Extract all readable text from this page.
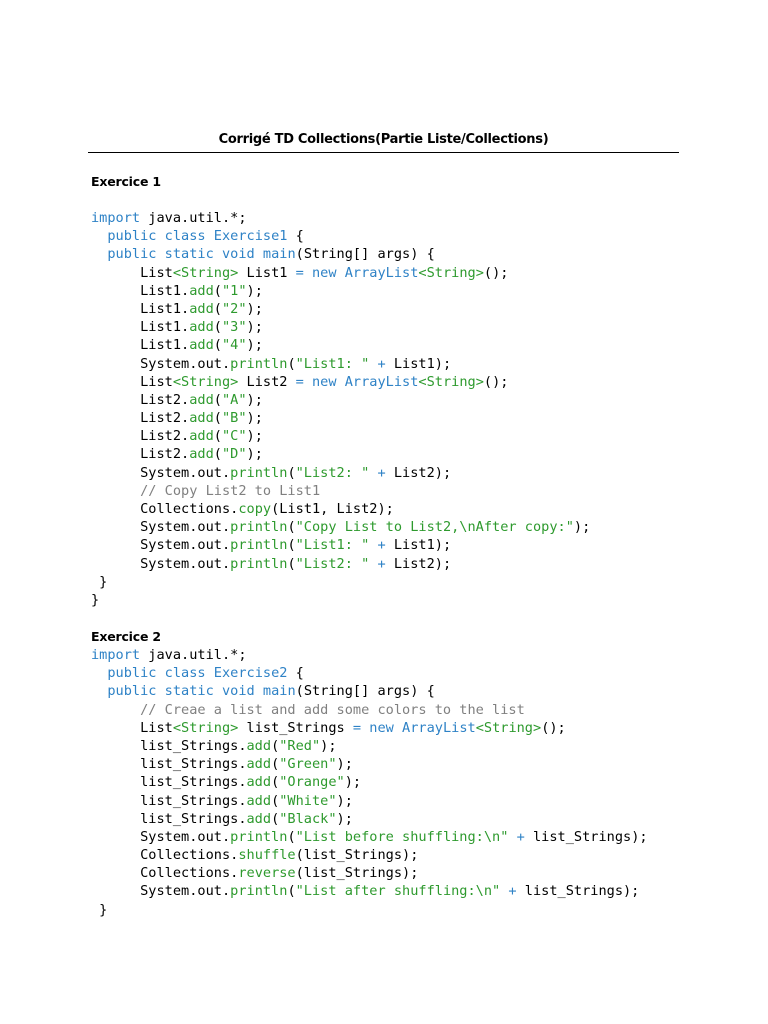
Corrigé TD Collections(Partie Liste/Collections)
Exercice 1
import java.util.*;
public class Exercise1 {
public static void main(String[] args) {
List<String> List1 = new ArrayList<String>();
List1.add("1");
List1.add("2");
List1.add("3");
List1.add("4");
System.out.println("List1: " + List1);
List<String> List2 = new ArrayList<String>();
List2.add("A");
List2.add("B");
List2.add("C");
List2.add("D");
System.out.println("List2: " + List2);
// Copy List2 to List1
Collections.copy(List1, List2);
System.out.println("Copy List to List2,\nAfter copy:");
System.out.println("List1: " + List1);
System.out.println("List2: " + List2);
}
}
Exercice 2
import java.util.*;
public class Exercise2 {
public static void main(String[] args) {
// Creae a list and add some colors to the list
List<String> list_Strings = new ArrayList<String>();
list_Strings.add("Red");
list_Strings.add("Green");
list_Strings.add("Orange");
list_Strings.add("White");
list_Strings.add("Black");
System.out.println("List before shuffling:\n" + list_Strings);
Collections.shuffle(list_Strings);
Collections.reverse(list_Strings);
System.out.println("List after shuffling:\n" + list_Strings);
}
